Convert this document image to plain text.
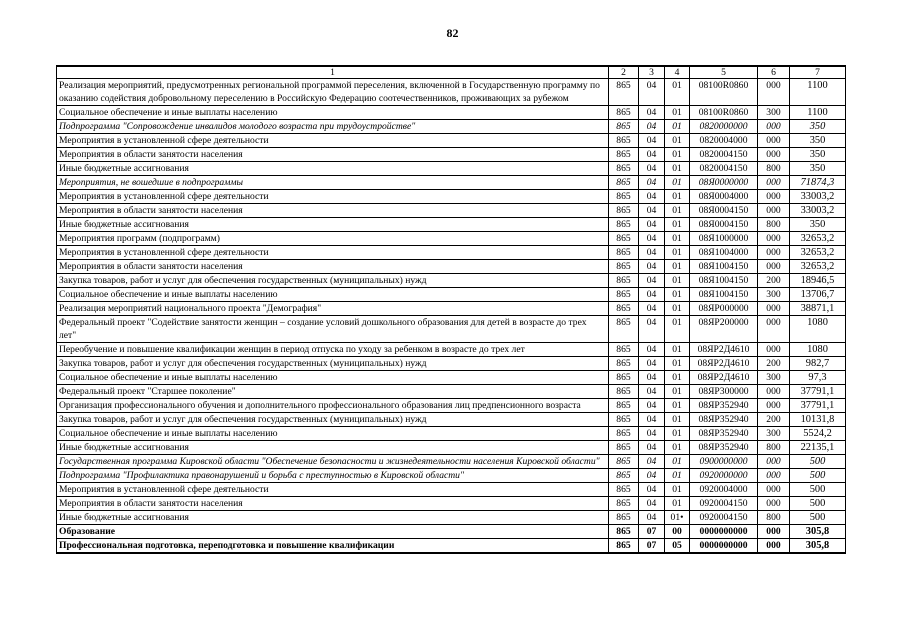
82
1	2	3	4	5	6	7
Реализация мероприятий, предусмотренных региональной программой переселения, включенной в Государственную программу по оказанию содействия добровольному переселению в Российскую Федерацию соотечественников, проживающих за рубежом	865	04	01	08100R0860	000	1100
Социальное обеспечение и иные выплаты населению	865	04	01	08100R0860	300	1100
Подпрограмма "Сопровождение инвалидов молодого возраста при трудоустройстве"	865	04	01	0820000000	000	350
Мероприятия в установленной сфере деятельности	865	04	01	0820004000	000	350
Мероприятия в области занятости населения	865	04	01	0820004150	000	350
Иные бюджетные ассигнования	865	04	01	0820004150	800	350
Мероприятия, не вошедшие в подпрограммы	865	04	01	08Я0000000	000	71874,3
Мероприятия в установленной сфере деятельности	865	04	01	08Я0004000	000	33003,2
Мероприятия в области занятости населения	865	04	01	08Я0004150	000	33003,2
Иные бюджетные ассигнования	865	04	01	08Я0004150	800	350
Мероприятия программ (подпрограмм)	865	04	01	08Я1000000	000	32653,2
Мероприятия в установленной сфере деятельности	865	04	01	08Я1004000	000	32653,2
Мероприятия в области занятости населения	865	04	01	08Я1004150	000	32653,2
Закупка товаров, работ и услуг для обеспечения государственных (муниципальных) нужд	865	04	01	08Я1004150	200	18946,5
Социальное обеспечение и иные выплаты населению	865	04	01	08Я1004150	300	13706,7
Реализация мероприятий национального проекта "Демография"	865	04	01	08ЯР000000	000	38871,1
Федеральный проект "Содействие занятости женщин – создание условий дошкольного образования для детей в возрасте до трех лет"	865	04	01	08ЯР200000	000	1080
Переобучение и повышение квалификации женщин в период отпуска по уходу за ребенком в возрасте до трех лет	865	04	01	08ЯР2Д4610	000	1080
Закупка товаров, работ и услуг для обеспечения государственных (муниципальных) нужд	865	04	01	08ЯР2Д4610	200	982,7
Социальное обеспечение и иные выплаты населению	865	04	01	08ЯР2Д4610	300	97,3
Федеральный проект "Старшее поколение"	865	04	01	08ЯР300000	000	37791,1
Организация профессионального обучения и дополнительного профессионального образования лиц предпенсионного возраста	865	04	01	08ЯР352940	000	37791,1
Закупка товаров, работ и услуг для обеспечения государственных (муниципальных) нужд	865	04	01	08ЯР352940	200	10131,8
Социальное обеспечение и иные выплаты населению	865	04	01	08ЯР352940	300	5524,2
Иные бюджетные ассигнования	865	04	01	08ЯР352940	800	22135,1
Государственная программа Кировской области "Обеспечение безопасности и жизнедеятельности населения Кировской области"	865	04	01	0900000000	000	500
Подпрограмма "Профилактика правонарушений и борьба с преступностью в Кировской области"	865	04	01	0920000000	000	500
Мероприятия в установленной сфере деятельности	865	04	01	0920004000	000	500
Мероприятия в области занятости населения	865	04	01	0920004150	000	500
Иные бюджетные ассигнования	865	04	01•	0920004150	800	500
Образование	865	07	00	0000000000	000	305,8
Профессиональная подготовка, переподготовка и повышение квалификации	865	07	05	0000000000	000	305,8
